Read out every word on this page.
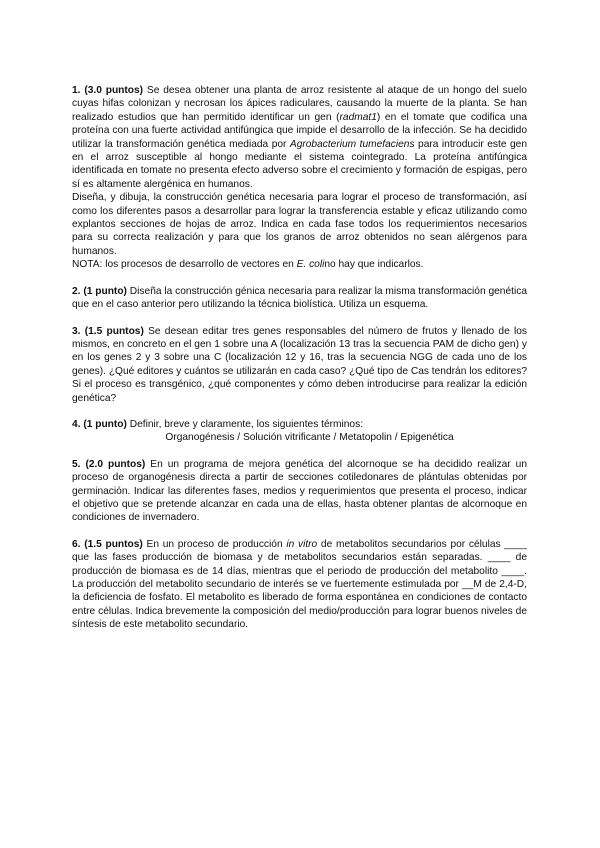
1. (3.0 puntos) Se desea obtener una planta de arroz resistente al ataque de un hongo del suelo cuyas hifas colonizan y necrosan los ápices radiculares, causando la muerte de la planta. Se han realizado estudios que han permitido identificar un gen (radmat1) en el tomate que codifica una proteína con una fuerte actividad antifúngica que impide el desarrollo de la infección. Se ha decidido utilizar la transformación genética mediada por Agrobacterium tumefaciens para introducir este gen en el arroz susceptible al hongo mediante el sistema cointegrado. La proteína antifúngica identificada en tomate no presenta efecto adverso sobre el crecimiento y formación de espigas, pero sí es altamente alergénica en humanos.

Diseña, y dibuja, la construcción genética necesaria para lograr el proceso de transformación, así como los diferentes pasos a desarrollar para lograr la transferencia estable y eficaz utilizando como explantos secciones de hojas de arroz. Indica en cada fase todos los requerimientos necesarios para su correcta realización y para que los granos de arroz obtenidos no sean alérgenos para humanos.

NOTA: los procesos de desarrollo de vectores en E. colino hay que indicarlos.

2. (1 punto) Diseña la construcción génica necesaria para realizar la misma transformación genética que en el caso anterior pero utilizando la técnica biolística. Utiliza un esquema.

3. (1.5 puntos) Se desean editar tres genes responsables del número de frutos y llenado de los mismos, en concreto en el gen 1 sobre una A (localización 13 tras la secuencia PAM de dicho gen) y en los genes 2 y 3 sobre una C (localización 12 y 16, tras la secuencia NGG de cada uno de los genes). ¿Qué editores y cuántos se utilizarán en cada caso? ¿Qué tipo de Cas tendrán los editores? Si el proceso es transgénico, ¿qué componentes y cómo deben introducirse para realizar la edición genética?

4. (1 punto) Definir, breve y claramente, los siguientes términos:

Organogénesis / Solución vitrificante / Metatopolin / Epigenética

5. (2.0 puntos) En un programa de mejora genética del alcornoque se ha decidido realizar un proceso de organogénesis directa a partir de secciones cotiledonares de plántulas obtenidas por germinación. Indicar las diferentes fases, medios y requerimientos que presenta el proceso, indicar el objetivo que se pretende alcanzar en cada una de ellas, hasta obtener plantas de alcornoque en condiciones de invernadero.

6. (1.5 puntos) En un proceso de producción in vitro de metabolitos secundarios por células ____ que las fases producción de biomasa y de metabolitos secundarios están separadas. ____ de producción de biomasa es de 14 días, mientras que el periodo de producción del metabolito ____. La producción del metabolito secundario de interés se ve fuertemente estimulada por __M de 2,4-D, la deficiencia de fosfato. El metabolito es liberado de forma espontánea en condiciones de contacto entre células. Indica brevemente la composición del medio/producción para lograr buenos niveles de síntesis de este metabolito secundario.
